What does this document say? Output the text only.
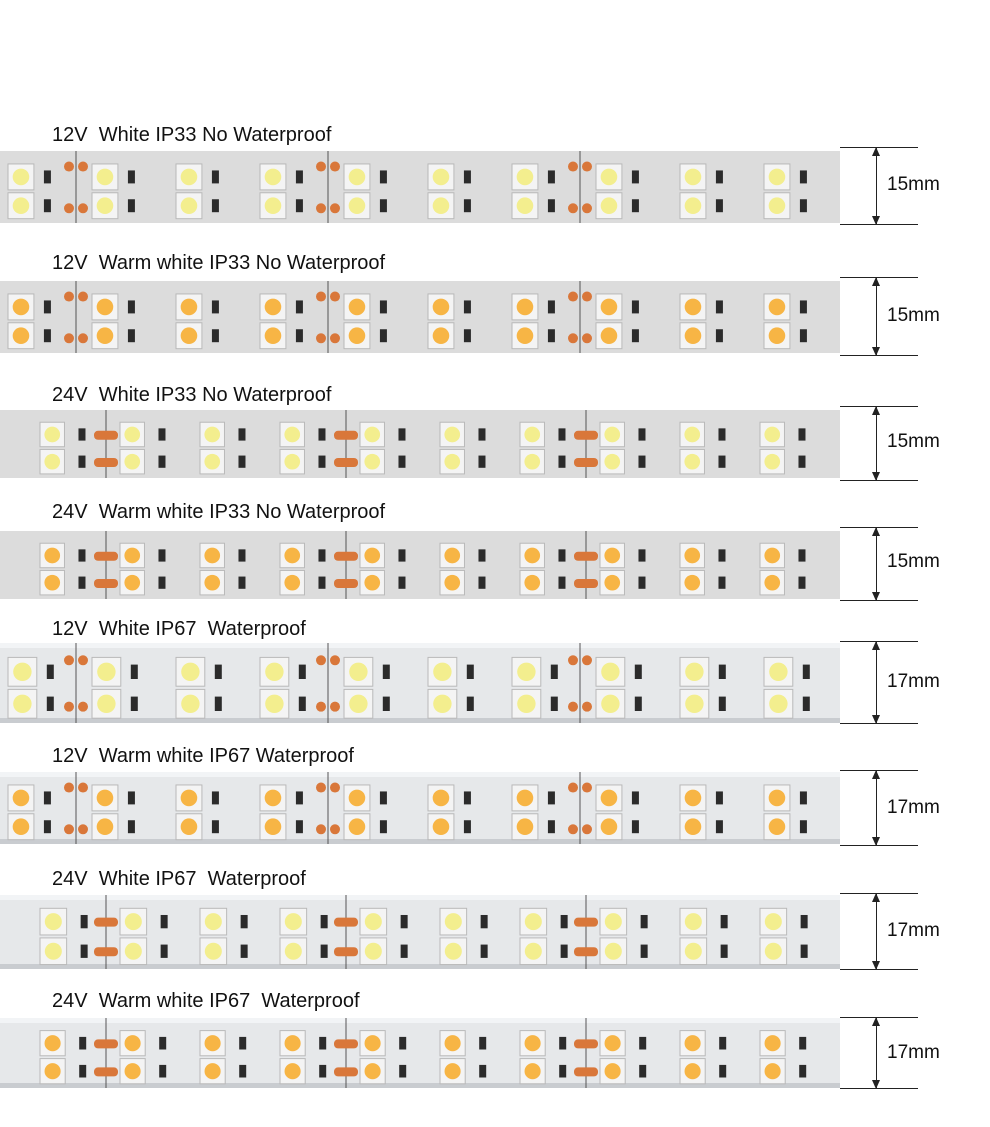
12V  White IP33 No Waterproof
15mm
12V  Warm white IP33 No Waterproof
15mm
24V  White IP33 No Waterproof
15mm
24V  Warm white IP33 No Waterproof
15mm
12V  White IP67  Waterproof
17mm
12V  Warm white IP67 Waterproof
17mm
24V  White IP67  Waterproof
17mm
24V  Warm white IP67  Waterproof
17mm
